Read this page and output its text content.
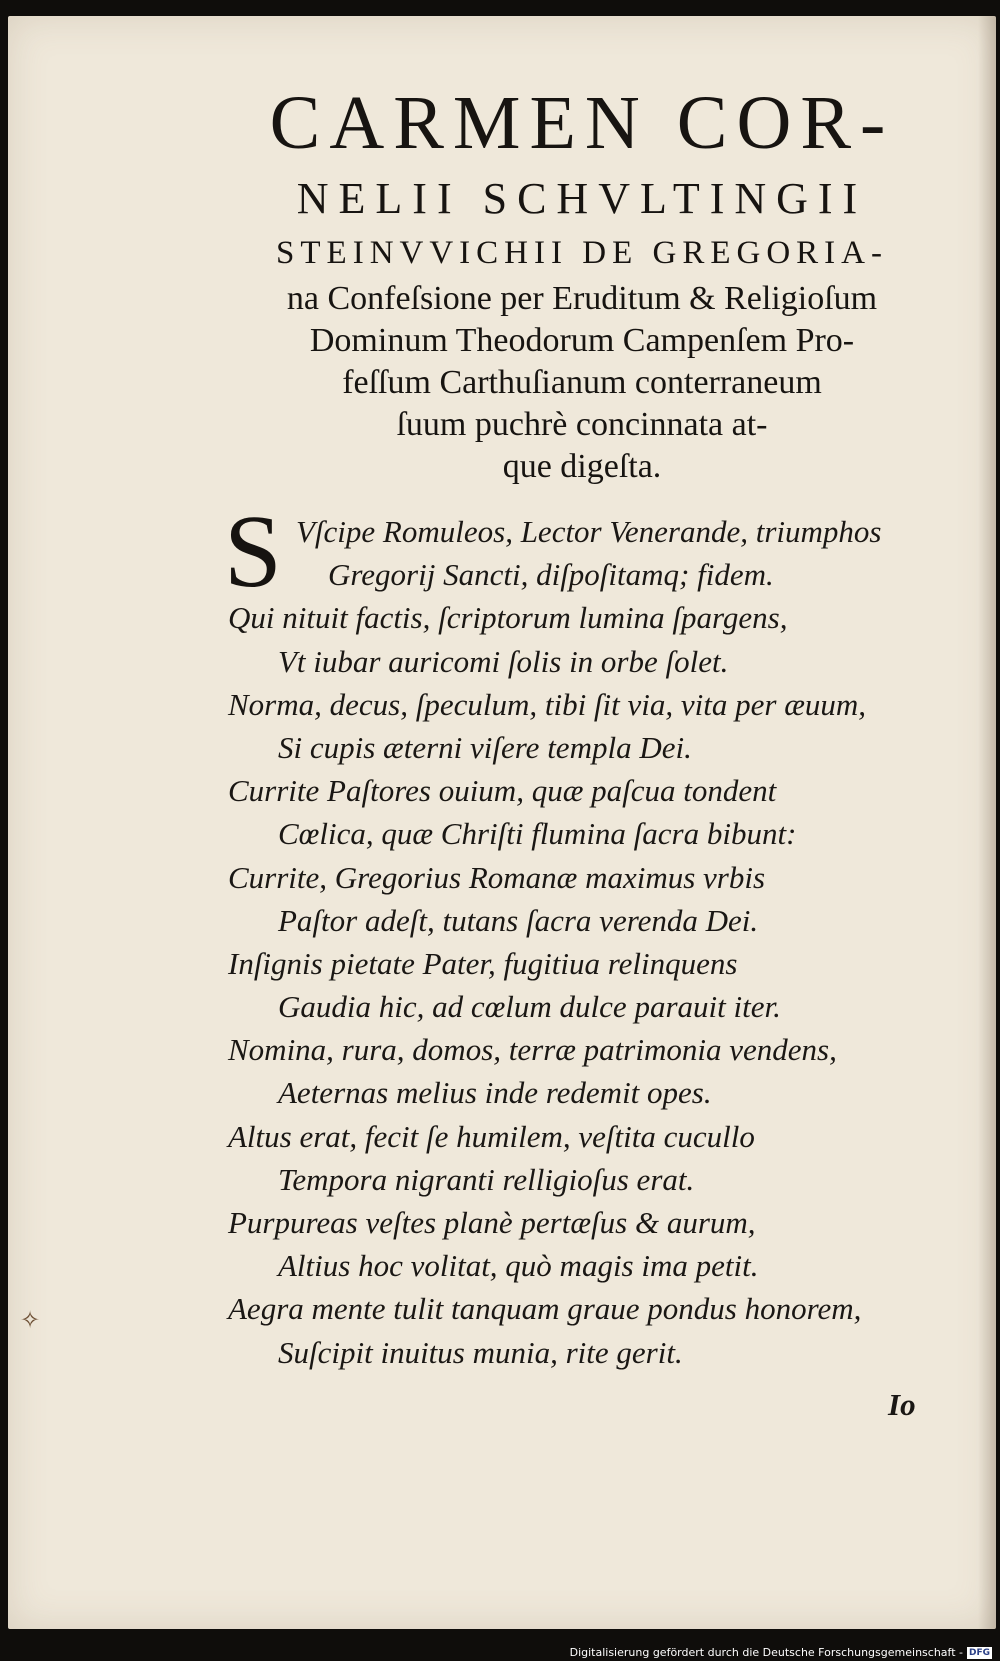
CARMEN COR-
NELII SCHVLTINGII
STEINVVICHII DE GREGORIA-
na Confeſsione per Eruditum & Religioſum
Dominum Theodorum Campenſem Pro-
feſſum Carthuſianum conterraneum
ſuum puchrè concinnata at-
que digeſta.
S Vſcipe Romuleos, Lector Venerande, triumphos
Gregorij Sancti, diſpoſitamq; fidem.
Qui nituit factis, ſcriptorum lumina ſpargens,
Vt iubar auricomi ſolis in orbe ſolet.
Norma, decus, ſpeculum, tibi ſit via, vita per æuum,
Si cupis æterni viſere templa Dei.
Currite Paſtores ouium, quæ paſcua tondent
Cœlica, quæ Chriſti flumina ſacra bibunt:
Currite, Gregorius Romanæ maximus vrbis
Paſtor adeſt, tutans ſacra verenda Dei.
Inſignis pietate Pater, fugitiua relinquens
Gaudia hic, ad cœlum dulce parauit iter.
Nomina, rura, domos, terræ patrimonia vendens,
Aeternas melius inde redemit opes.
Altus erat, fecit ſe humilem, veſtita cucullo
Tempora nigranti relligioſus erat.
Purpureas veſtes planè pertæſus & aurum,
Altius hoc volitat, quò magis ima petit.
Aegra mente tulit tanquam graue pondus honorem,
Suſcipit inuitus munia, rite gerit.
Io
✧
Digitalisierung gefördert durch die Deutsche Forschungsgemeinschaft - DFG
